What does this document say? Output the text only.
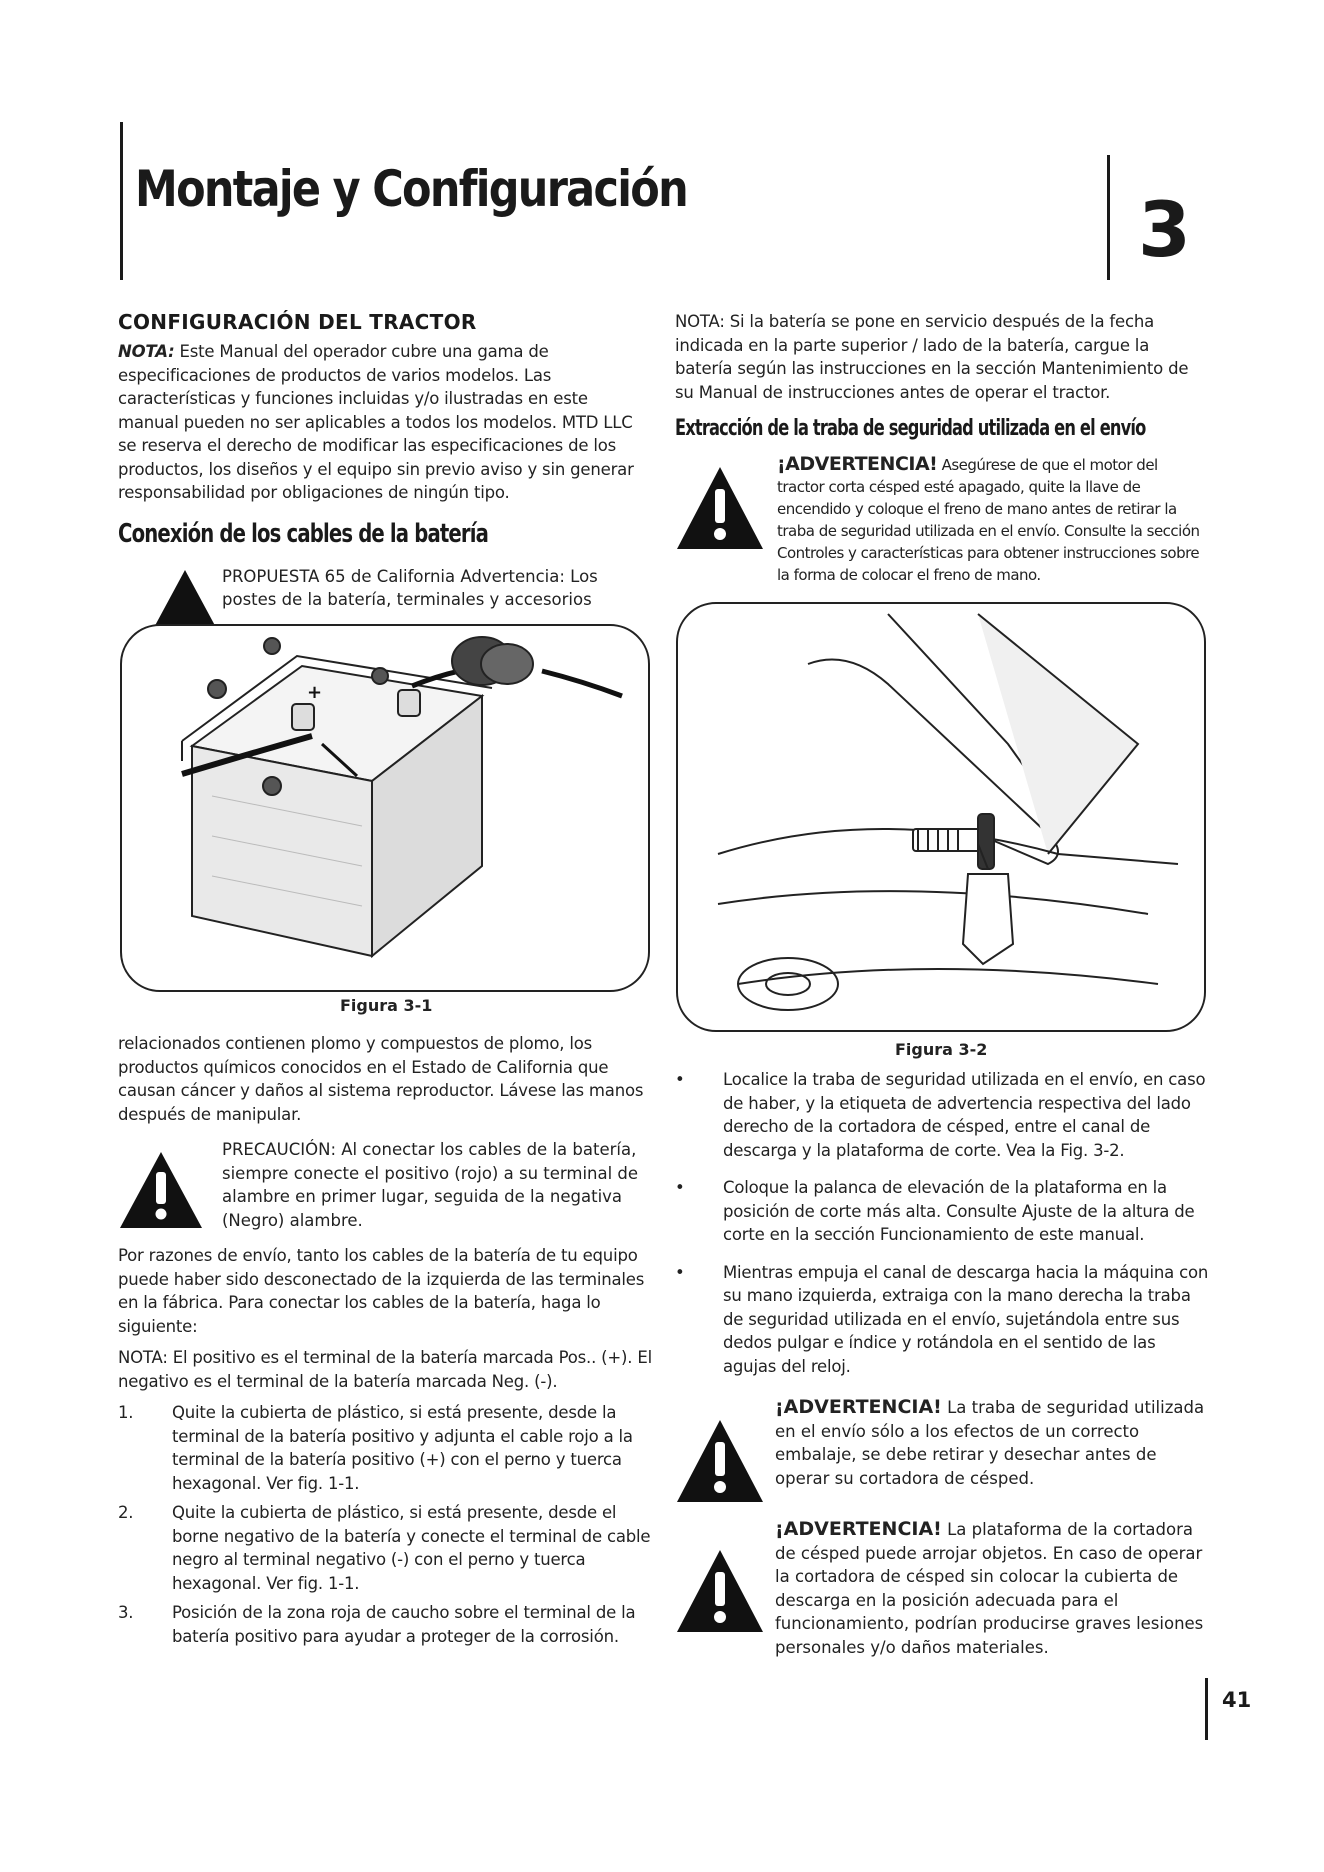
Montaje y Configuración	3
CONFIGURACIÓN DEL TRACTOR

NOTA: Este Manual del operador cubre una gama de especificaciones de productos de varios modelos. Las características y funciones incluidas y/o ilustradas en este manual pueden no ser aplicables a todos los modelos. MTD LLC se reserva el derecho de modificar las especificaciones de los productos, los diseños y el equipo sin previo aviso y sin generar responsabilidad por obligaciones de ningún tipo.

Conexión de los cables de la batería
PROPUESTA 65 de California Advertencia: Los postes de la batería, terminales y accesorios
+
Figura 3-1

relacionados contienen plomo y compuestos de plomo, los productos químicos conocidos en el Estado de California que causan cáncer y daños al sistema reproductor. Lávese las manos después de manipular.

PRECAUCIÓN: Al conectar los cables de la batería, siempre conecte el positivo (rojo) a su terminal de alambre en primer lugar, seguida de la negativa (Negro) alambre.

Por razones de envío, tanto los cables de la batería de tu equipo puede haber sido desconectado de la izquierda de las terminales en la fábrica. Para conectar los cables de la batería, haga lo siguiente:

NOTA: El positivo es el terminal de la batería marcada Pos.. (+). El negativo es el terminal de la batería marcada Neg. (-).

1. Quite la cubierta de plástico, si está presente, desde la terminal de la batería positivo y adjunta el cable rojo a la terminal de la batería positivo (+) con el perno y tuerca hexagonal. Ver fig. 1-1.
2. Quite la cubierta de plástico, si está presente, desde el borne negativo de la batería y conecte el terminal de cable negro al terminal negativo (-) con el perno y tuerca hexagonal. Ver fig. 1-1.
3. Posición de la zona roja de caucho sobre el terminal de la batería positivo para ayudar a proteger de la corrosión.

NOTA: Si la batería se pone en servicio después de la fecha indicada en la parte superior / lado de la batería, cargue la batería según las instrucciones en la sección Mantenimiento de su Manual de instrucciones antes de operar el tractor.

Extracción de la traba de seguridad utilizada en el envío
¡ADVERTENCIA! Asegúrese de que el motor del tractor corta césped esté apagado, quite la llave de encendido y coloque el freno de mano antes de retirar la traba de seguridad utilizada en el envío. Consulte la sección Controles y características para obtener instrucciones sobre la forma de colocar el freno de mano.
Figura 3-2
• Localice la traba de seguridad utilizada en el envío, en caso de haber, y la etiqueta de advertencia respectiva del lado derecho de la cortadora de césped, entre el canal de descarga y la plataforma de corte. Vea la Fig. 3-2.
• Coloque la palanca de elevación de la plataforma en la posición de corte más alta. Consulte Ajuste de la altura de corte en la sección Funcionamiento de este manual.
• Mientras empuja el canal de descarga hacia la máquina con su mano izquierda, extraiga con la mano derecha la traba de seguridad utilizada en el envío, sujetándola entre sus dedos pulgar e índice y rotándola en el sentido de las agujas del reloj.
¡ADVERTENCIA! La traba de seguridad utilizada en el envío sólo a los efectos de un correcto embalaje, se debe retirar y desechar antes de operar su cortadora de césped.
¡ADVERTENCIA! La plataforma de la cortadora de césped puede arrojar objetos. En caso de operar la cortadora de césped sin colocar la cubierta de descarga en la posición adecuada para el funcionamiento, podrían producirse graves lesiones personales y/o daños materiales.
41
